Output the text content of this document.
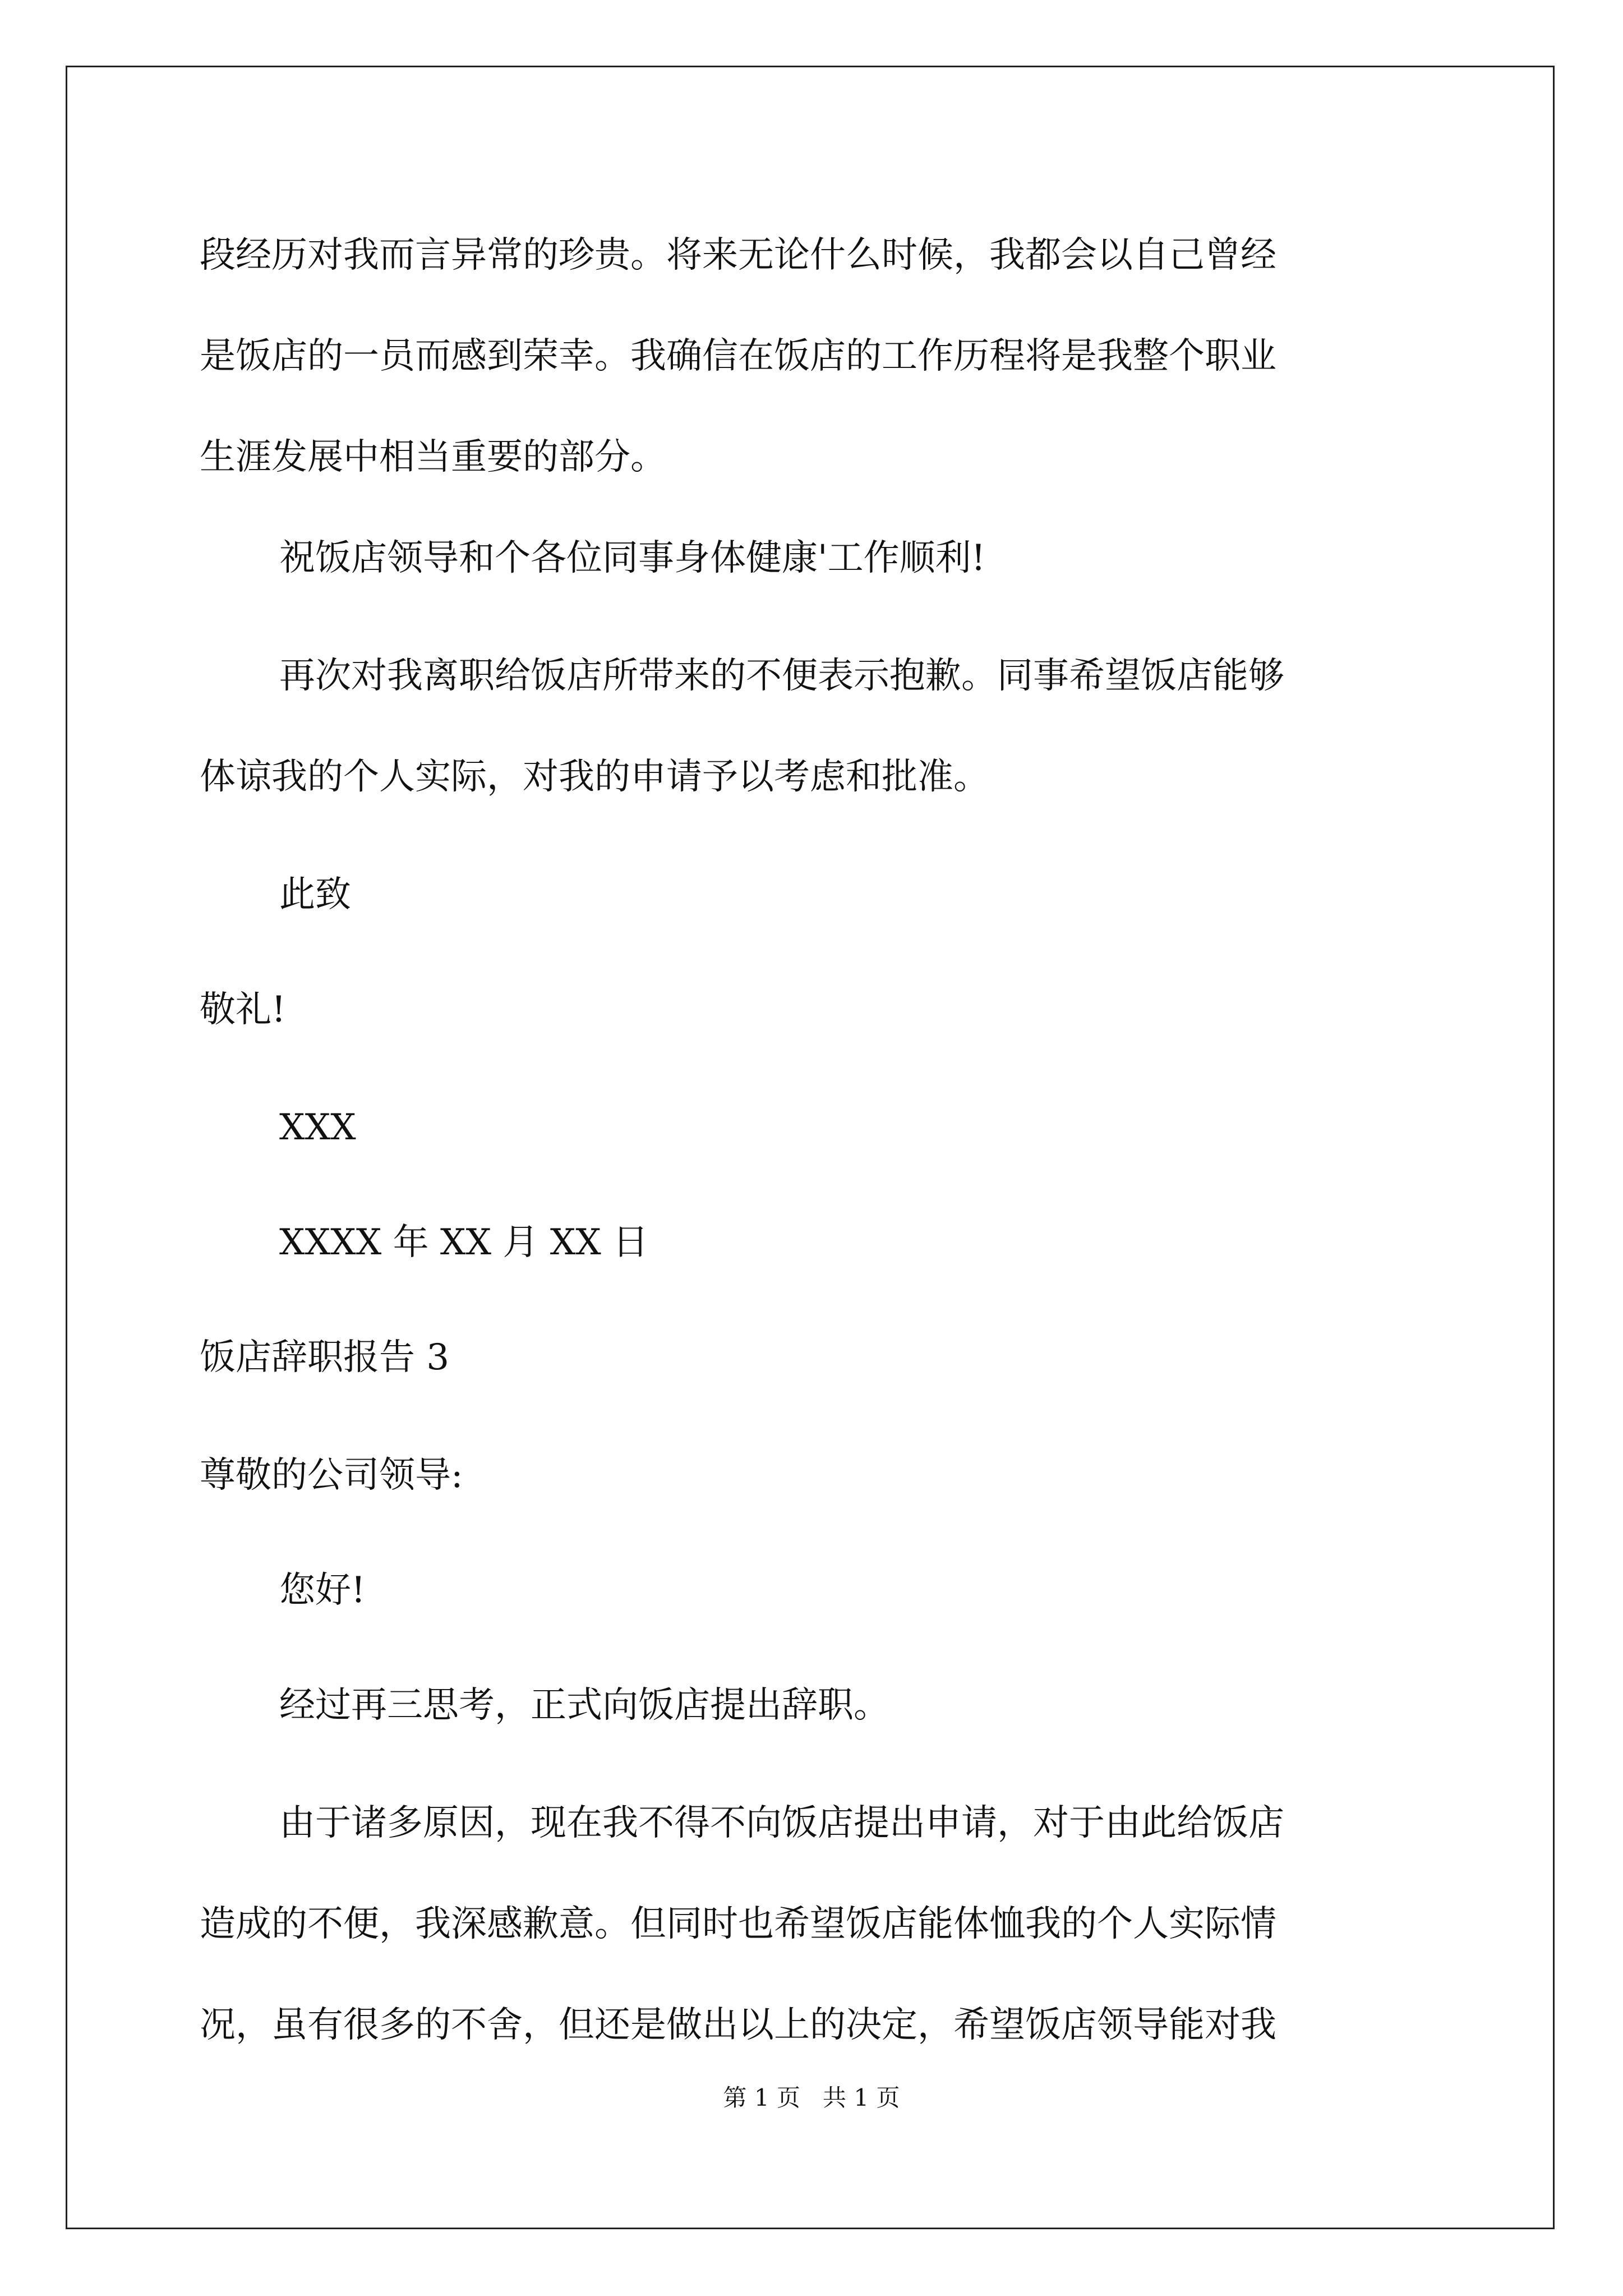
段经历对我而言异常的珍贵。将来无论什么时候，我都会以自己曾经
是饭店的一员而感到荣幸。我确信在饭店的工作历程将是我整个职业
生涯发展中相当重要的部分。
祝饭店领导和个各位同事身体健康'工作顺利!
再次对我离职给饭店所带来的不便表示抱歉。同事希望饭店能够
体谅我的个人实际，对我的申请予以考虑和批准。
此致
敬礼!
XXX
XXXX 年 XX 月 XX 日
饭店辞职报告 3
尊敬的公司领导:
您好!
经过再三思考，正式向饭店提出辞职。
由于诸多原因，现在我不得不向饭店提出申请，对于由此给饭店
造成的不便，我深感歉意。但同时也希望饭店能体恤我的个人实际情
况，虽有很多的不舍，但还是做出以上的决定，希望饭店领导能对我
第 1 页   共 1 页
